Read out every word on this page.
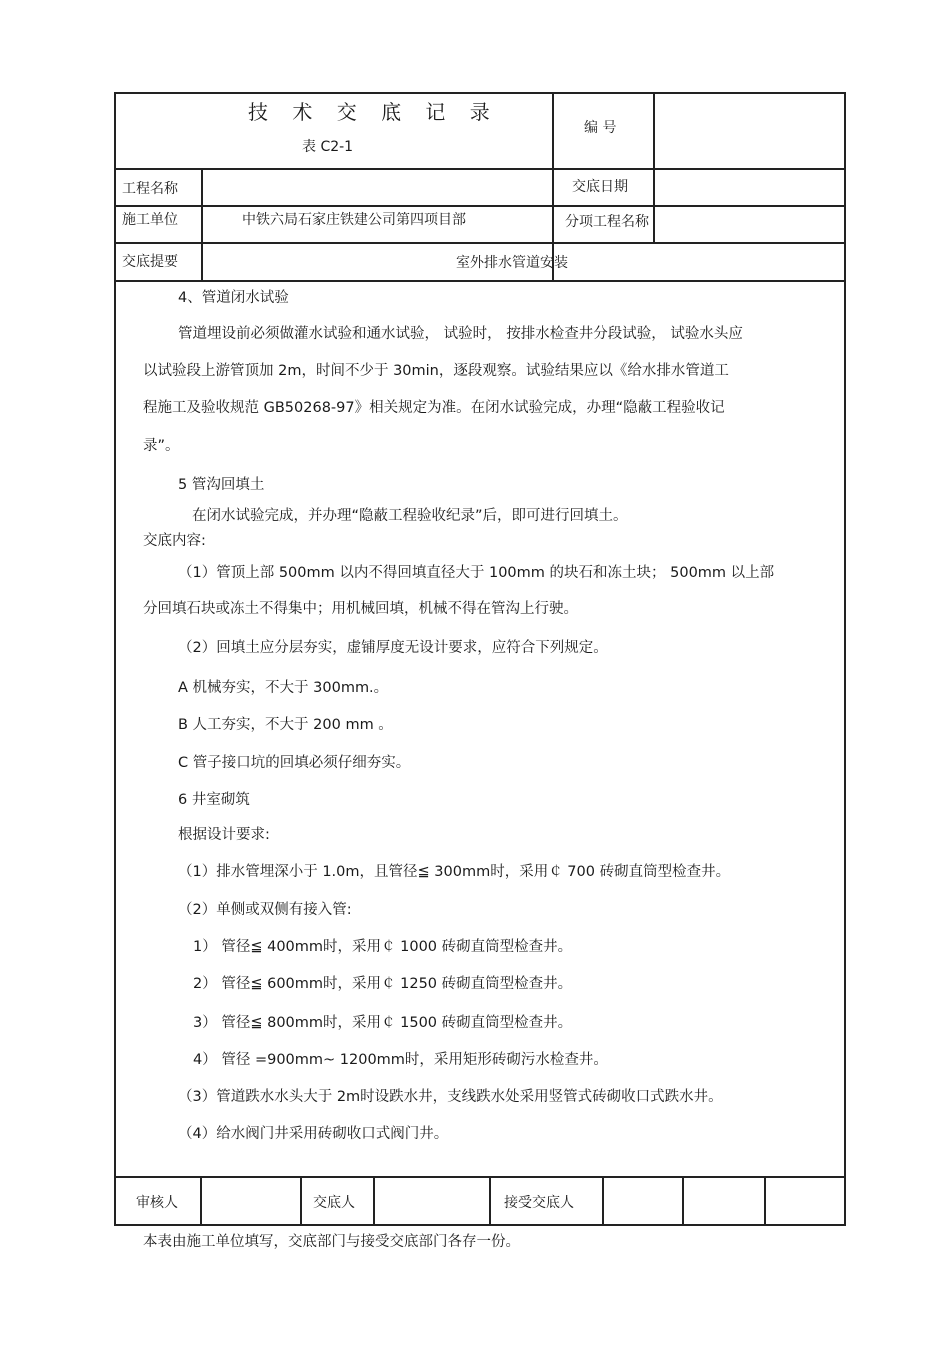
技 术 交 底 记 录
表 C2-1
编 号
工程名称	交底日期
施工单位	中铁六局石家庄铁建公司第四项目部	分项工程名称
交底提要	室外排水管道安装
4、管道闭水试验
管道埋设前必须做灌水试验和通水试验， 试验时， 按排水检查井分段试验， 试验水头应
以试验段上游管顶加 2m，时间不少于 30min，逐段观察。试验结果应以《给水排水管道工
程施工及验收规范 GB50268-97》相关规定为准。在闭水试验完成，办理“隐蔽工程验收记
录”。
5 管沟回填土
在闭水试验完成，并办理“隐蔽工程验收纪录”后，即可进行回填土。
交底内容:
（1）管顶上部 500mm 以内不得回填直径大于 100mm 的块石和冻土块； 500mm 以上部
分回填石块或冻土不得集中；用机械回填，机械不得在管沟上行驶。
（2）回填土应分层夯实，虚铺厚度无设计要求，应符合下列规定。
A 机械夯实，不大于 300mm.。
B 人工夯实，不大于 200 mm 。
C 管子接口坑的回填必须仔细夯实。
6 井室砌筑
根据设计要求:
（1）排水管埋深小于 1.0m，且管径≦ 300mm时，采用￠ 700 砖砌直筒型检查井。
（2）单侧或双侧有接入管:
1） 管径≦ 400mm时，采用￠ 1000 砖砌直筒型检查井。
2） 管径≦ 600mm时，采用￠ 1250 砖砌直筒型检查井。
3） 管径≦ 800mm时，采用￠ 1500 砖砌直筒型检查井。
4） 管径 =900mm~ 1200mm时，采用矩形砖砌污水检查井。
（3）管道跌水水头大于 2m时设跌水井，支线跌水处采用竖管式砖砌收口式跌水井。
（4）给水阀门井采用砖砌收口式阀门井。
审核人	交底人	接受交底人
本表由施工单位填写，交底部门与接受交底部门各存一份。
